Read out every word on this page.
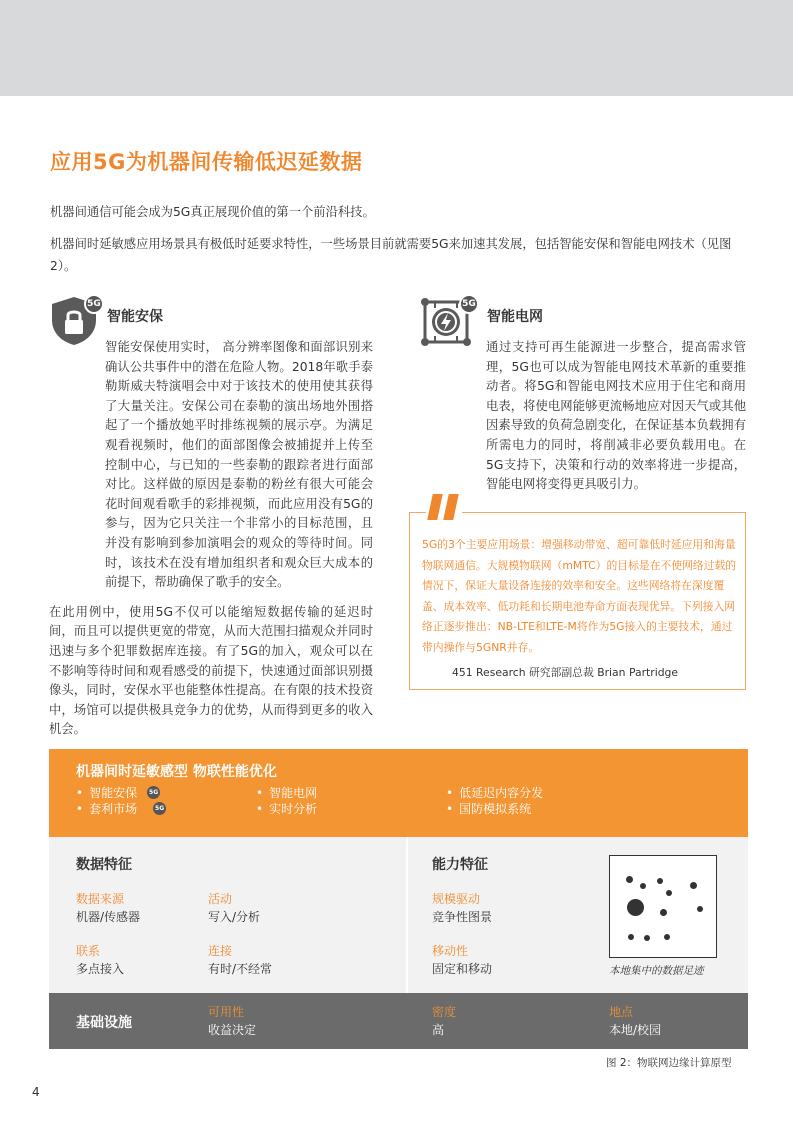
应用5G为机器间传输低迟延数据

机器间通信可能会成为5G真正展现价值的第一个前沿科技。

机器间时延敏感应用场景具有极低时延要求特性，一些场景目前就需要5G来加速其发展，包括智能安保和智能电网技术（见图2）。

5G
智能安保

智能安保使用实时， 高分辨率图像和面部识别来确认公共事件中的潜在危险人物。2018年歌手泰勒斯威夫特演唱会中对于该技术的使用使其获得了大量关注。安保公司在泰勒的演出场地外围搭起了一个播放她平时排练视频的展示亭。为满足观看视频时，他们的面部图像会被捕捉并上传至控制中心，与已知的一些泰勒的跟踪者进行面部对比。这样做的原因是泰勒的粉丝有很大可能会花时间观看歌手的彩排视频，而此应用没有5G的参与，因为它只关注一个非常小的目标范围，且并没有影响到参加演唱会的观众的等待时间。同时，该技术在没有增加组织者和观众巨大成本的前提下，帮助确保了歌手的安全。

在此用例中，使用5G不仅可以能缩短数据传输的延迟时间，而且可以提供更宽的带宽，从而大范围扫描观众并同时迅速与多个犯罪数据库连接。有了5G的加入，观众可以在不影响等待时间和观看感受的前提下，快速通过面部识别摄像头，同时，安保水平也能整体性提高。在有限的技术投资中，场馆可以提供极具竞争力的优势，从而得到更多的收入机会。

5G
智能电网

通过支持可再生能源进一步整合，提高需求管理，5G也可以成为智能电网技术革新的重要推动者。将5G和智能电网技术应用于住宅和商用电表，将使电网能够更流畅地应对因天气或其他因素导致的负荷急剧变化，在保证基本负载拥有所需电力的同时，将削减非必要负载用电。在5G支持下，决策和行动的效率将进一步提高，智能电网将变得更具吸引力。

5G的3个主要应用场景：增强移动带宽、超可靠低时延应用和海量物联网通信。大规模物联网（mMTC）的目标是在不使网络过载的情况下，保证大量设备连接的效率和安全。这些网络将在深度覆盖、成本效率、低功耗和长期电池寿命方面表现优异。下列接入网络正逐步推出：NB-LTE和LTE-M将作为5G接入的主要技术，通过带内操作与5GNR并存。
451 Research 研究部副总裁 Brian Partridge
机器间时延敏感型 物联性能优化
• 智能安保	5G
• 套利市场	5G
• 智能电网
• 实时分析
• 低延迟内容分发
• 国防模拟系统
数据特征
数据来源
机器/传感器
活动
写入/分析
联系
多点接入
连接
有时/不经常
能力特征
规模驱动
竞争性图景
移动性
固定和移动	本地集中的数据足迹
基础设施
可用性
收益决定
密度
高
地点
本地/校园
图 2：物联网边缘计算原型
4
